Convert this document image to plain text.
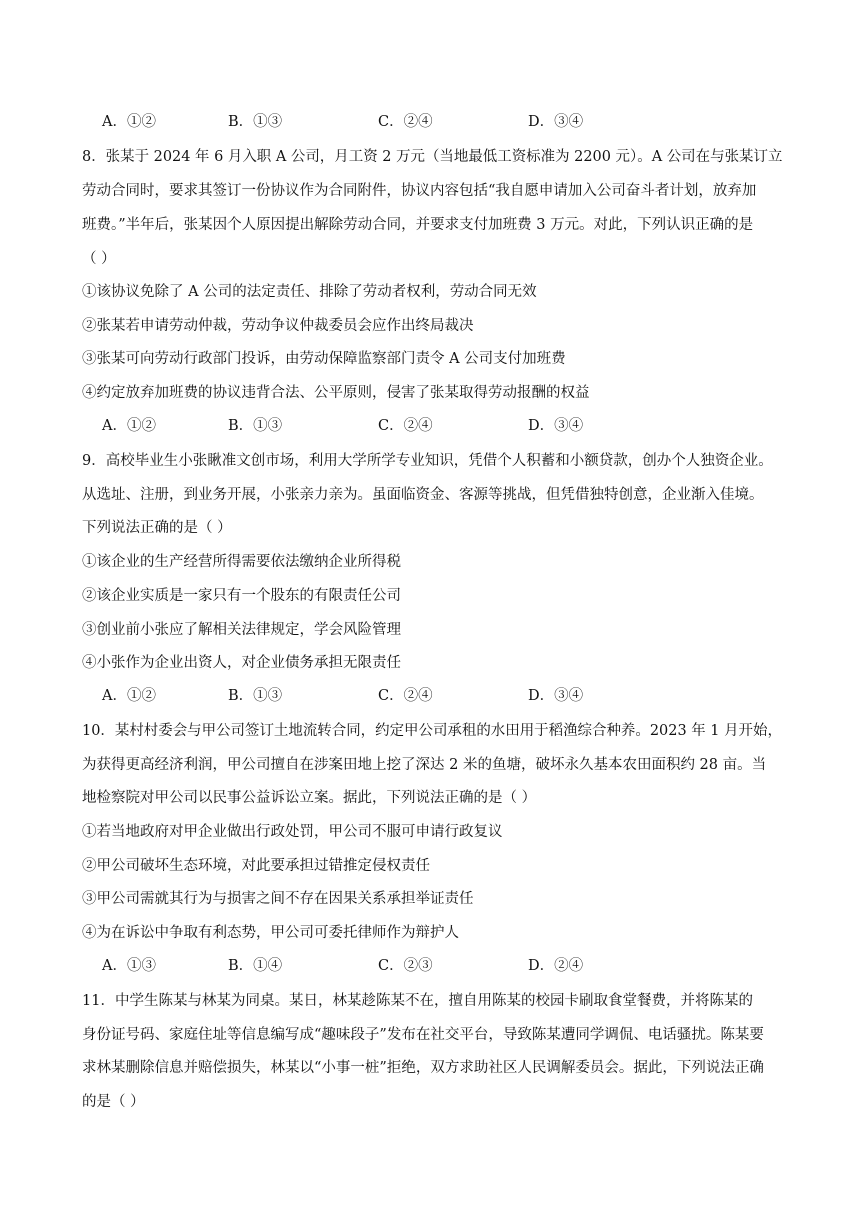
A．①②	B．①③	C．②④	D．③④
8．张某于 2024 年 6 月入职 A 公司，月工资 2 万元（当地最低工资标准为 2200 元）。A 公司在与张某订立
劳动合同时，要求其签订一份协议作为合同附件，协议内容包括“我自愿申请加入公司奋斗者计划，放弃加
班费。”半年后，张某因个人原因提出解除劳动合同，并要求支付加班费 3 万元。对此，下列认识正确的是
（ ）
①该协议免除了 A 公司的法定责任、排除了劳动者权利，劳动合同无效
②张某若申请劳动仲裁，劳动争议仲裁委员会应作出终局裁决
③张某可向劳动行政部门投诉，由劳动保障监察部门责令 A 公司支付加班费
④约定放弃加班费的协议违背合法、公平原则，侵害了张某取得劳动报酬的权益
A．①②	B．①③	C．②④	D．③④
9．高校毕业生小张瞅准文创市场，利用大学所学专业知识，凭借个人积蓄和小额贷款，创办个人独资企业。
从选址、注册，到业务开展，小张亲力亲为。虽面临资金、客源等挑战，但凭借独特创意，企业渐入佳境。
下列说法正确的是（ ）
①该企业的生产经营所得需要依法缴纳企业所得税
②该企业实质是一家只有一个股东的有限责任公司
③创业前小张应了解相关法律规定，学会风险管理
④小张作为企业出资人，对企业债务承担无限责任
A．①②	B．①③	C．②④	D．③④
10．某村村委会与甲公司签订土地流转合同，约定甲公司承租的水田用于稻渔综合种养。2023 年 1 月开始，
为获得更高经济利润，甲公司擅自在涉案田地上挖了深达 2 米的鱼塘，破坏永久基本农田面积约 28 亩。当
地检察院对甲公司以民事公益诉讼立案。据此，下列说法正确的是（ ）
①若当地政府对甲企业做出行政处罚，甲公司不服可申请行政复议
②甲公司破坏生态环境，对此要承担过错推定侵权责任
③甲公司需就其行为与损害之间不存在因果关系承担举证责任
④为在诉讼中争取有利态势，甲公司可委托律师作为辩护人
A．①③	B．①④	C．②③	D．②④
11．中学生陈某与林某为同桌。某日，林某趁陈某不在，擅自用陈某的校园卡刷取食堂餐费，并将陈某的
身份证号码、家庭住址等信息编写成“趣味段子”发布在社交平台，导致陈某遭同学调侃、电话骚扰。陈某要
求林某删除信息并赔偿损失，林某以“小事一桩”拒绝，双方求助社区人民调解委员会。据此，下列说法正确
的是（ ）
